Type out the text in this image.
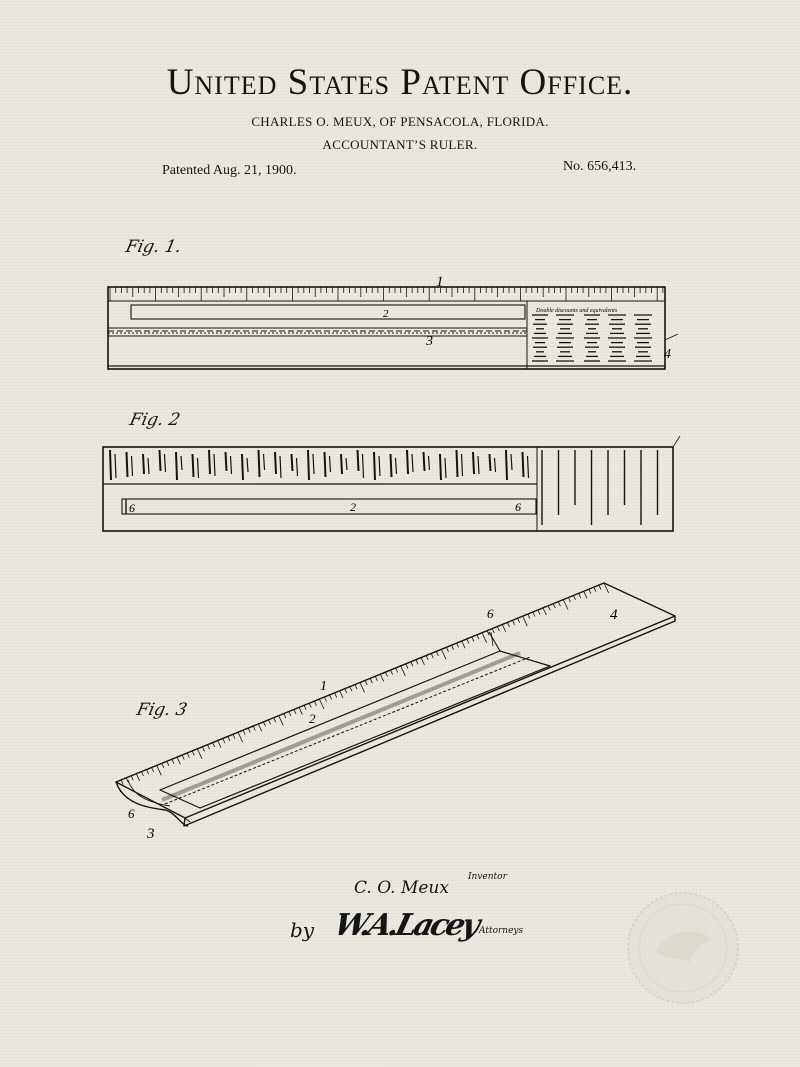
United States Patent Office.
CHARLES O. MEUX, OF PENSACOLA, FLORIDA.
ACCOUNTANT’S RULER.
Patented Aug. 21, 1900.	No. 656,413.
Fig. 1.
Fig. 2
Fig. 3
1
2
3
4
Double discounts and equivalents
6	2	6
1
2
3
4
6
6
Inventor
C. O. Meux
by W.A.Lacey
Attorneys
